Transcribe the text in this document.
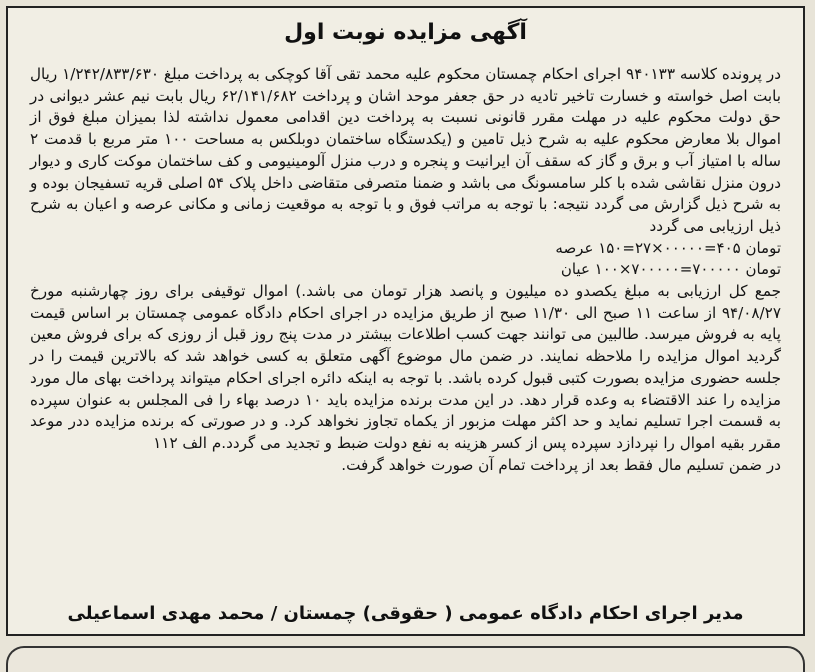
آگهی مزایده نوبت اول

در پرونده کلاسه ۹۴۰۱۳۳ اجرای احکام چمستان محکوم علیه محمد تقی آقا کوچکی به پرداخت مبلغ ۱/۲۴۲/۸۳۳/۶۳۰ ریال بابت اصل خواسته و خسارت تاخیر تادیه در حق جعفر موحد اشان و پرداخت ۶۲/۱۴۱/۶۸۲ ریال بابت نیم عشر دیوانی در حق دولت محکوم علیه در مهلت مقرر قانونی نسبت به پرداخت دین اقدامی معمول نداشته لذا بمیزان مبلغ فوق از اموال بلا معارض محکوم علیه به شرح ذیل تامین و (یکدستگاه ساختمان دوبلکس به مساحت ۱۰۰ متر مربع با قدمت ۲ ساله با امتیاز آب و برق و گاز که سقف آن ایرانیت و پنجره و درب منزل آلومینیومی و کف ساختمان موکت کاری و دیوار درون منزل نقاشی شده با کلر سامسونگ می باشد و ضمنا متصرفی متقاضی داخل پلاک ۵۴ اصلی قریه تسفیجان بوده و به شرح ذیل گزارش می گردد نتیجه: با توجه به مراتب فوق و با توجه به موقعیت زمانی و مکانی عرصه و اعیان به شرح ذیل ارزیابی می گردد

تومان ۴۰۵=۰۰۰۰۰×۲۷=۱۵۰ عرصه
تومان ۷۰۰۰۰۰=۷۰۰۰۰۰×۱۰۰ عیان

جمع کل ارزیابی به مبلغ یکصدو ده میلیون و پانصد هزار تومان می باشد.) اموال توقیفی برای روز چهارشنبه مورخ ۹۴/۰۸/۲۷ از ساعت ۱۱ صبح الی ۱۱/۳۰ صبح از طریق مزایده در اجرای احکام دادگاه عمومی چمستان بر اساس قیمت پایه به فروش میرسد. طالبین می توانند جهت کسب اطلاعات بیشتر در مدت پنج روز قبل از روزی که برای فروش معین گردید اموال مزایده را ملاحظه نمایند. در ضمن مال موضوع آگهی متعلق به کسی خواهد شد که بالاترین قیمت را در جلسه حضوری مزایده بصورت کتبی قبول کرده باشد. با توجه به اینکه دائره اجرای احکام میتواند پرداخت بهای مال مورد مزایده را عند الاقتضاء به وعده قرار دهد. در این مدت برنده مزایده باید ۱۰ درصد بهاء را فی المجلس به عنوان سپرده به قسمت اجرا تسلیم نماید و حد اکثر مهلت مزبور از یکماه تجاوز نخواهد کرد. و در صورتی که برنده مزایده ددر موعد مقرر بقیه اموال را نپردازد سپرده پس از کسر هزینه به نفع دولت ضبط و تجدید می گردد.م الف ۱۱۲

در ضمن تسلیم مال فقط بعد از پرداخت تمام آن صورت خواهد گرفت.

مدیر اجرای احکام دادگاه عمومی ( حقوقی) چمستان / محمد مهدی اسماعیلی
